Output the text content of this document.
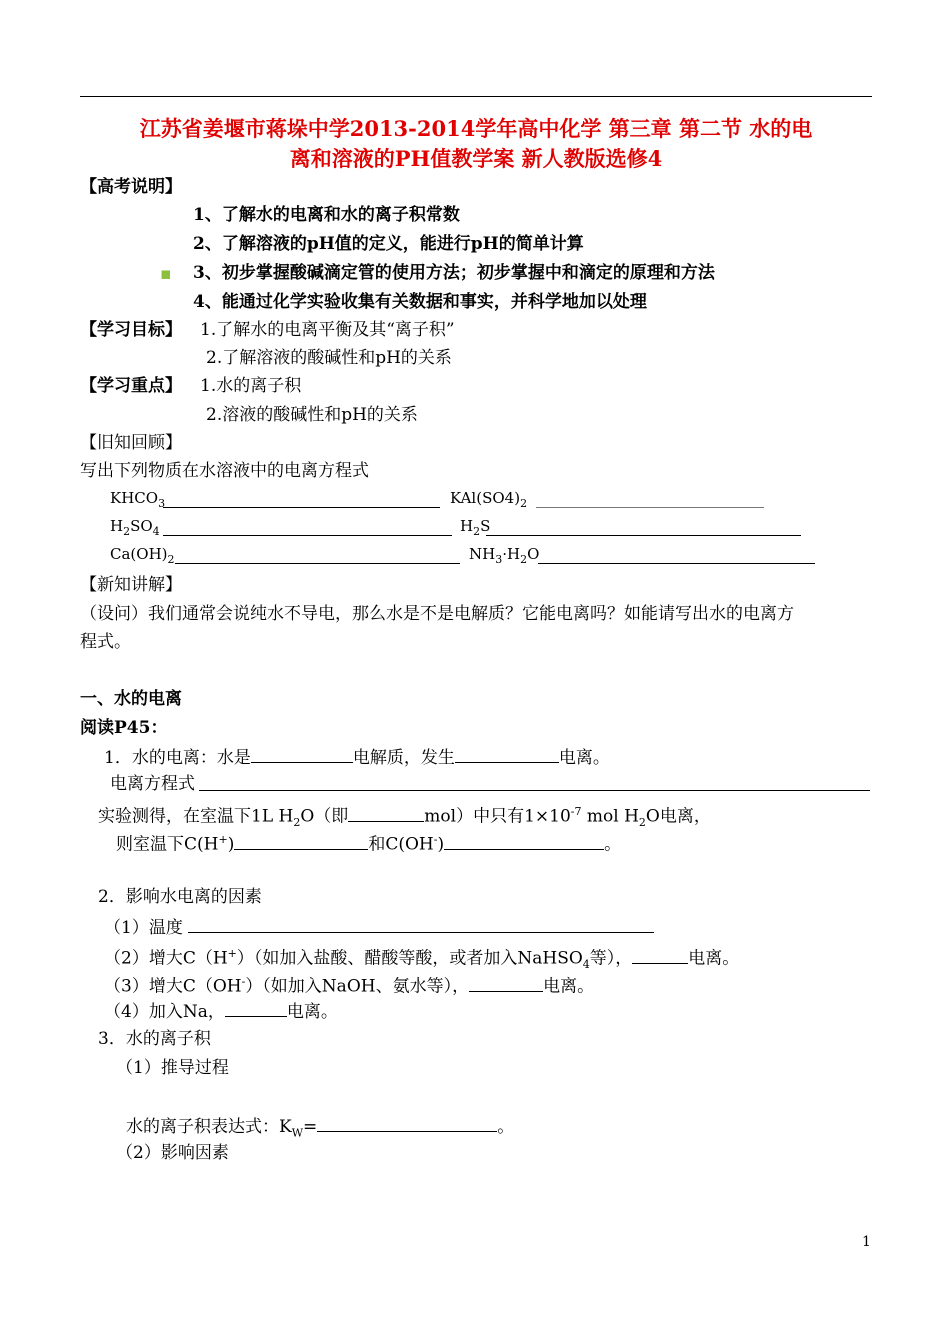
江苏省姜堰市蒋垛中学2013-2014学年高中化学 第三章 第二节 水的电
离和溶液的PH值教学案 新人教版选修4
【高考说明】
1、了解水的电离和水的离子积常数
2、了解溶液的pH值的定义，能进行pH的简单计算
▪ 3、初步掌握酸碱滴定管的使用方法；初步掌握中和滴定的原理和方法
4、能通过化学实验收集有关数据和事实，并科学地加以处理
【学习目标】 1.了解水的电离平衡及其“离子积”
2.了解溶液的酸碱性和pH的关系
【学习重点】 1.水的离子积
2.溶液的酸碱性和pH的关系
【旧知回顾】
写出下列物质在水溶液中的电离方程式
$KHCO_3$	$KAl(SO4)_2$
$H_2SO_4$	$H_2S$
$Ca(OH)_2$	$NH_3\cdot H_2O$
【新知讲解】
（设问）我们通常会说纯水不导电，那么水是不是电解质？它能电离吗？如能请写出水的电离方
程式。
一、水的电离
阅读P45：
1．水的电离：水是	电解质，发生	电离。
电离方程式
实验测得，在室温下1L $H_2O$（即	mol）中只有$1\times 10^{-7}$ mol $H_2O$电离，
则室温下C(H+)	和C(OH-)	。
2．影响水电离的因素
（1）温度
（2）增大C（H+）（如加入盐酸、醋酸等酸，或者加入NaHSO$_4$等），	电离。
（3）增大C（OH-）（如加入NaOH、氨水等），	电离。
（4）加入Na，	电离。
3．水的离子积
（1）推导过程
水的离子积表达式：$K_W=$	。
（2）影响因素
1
